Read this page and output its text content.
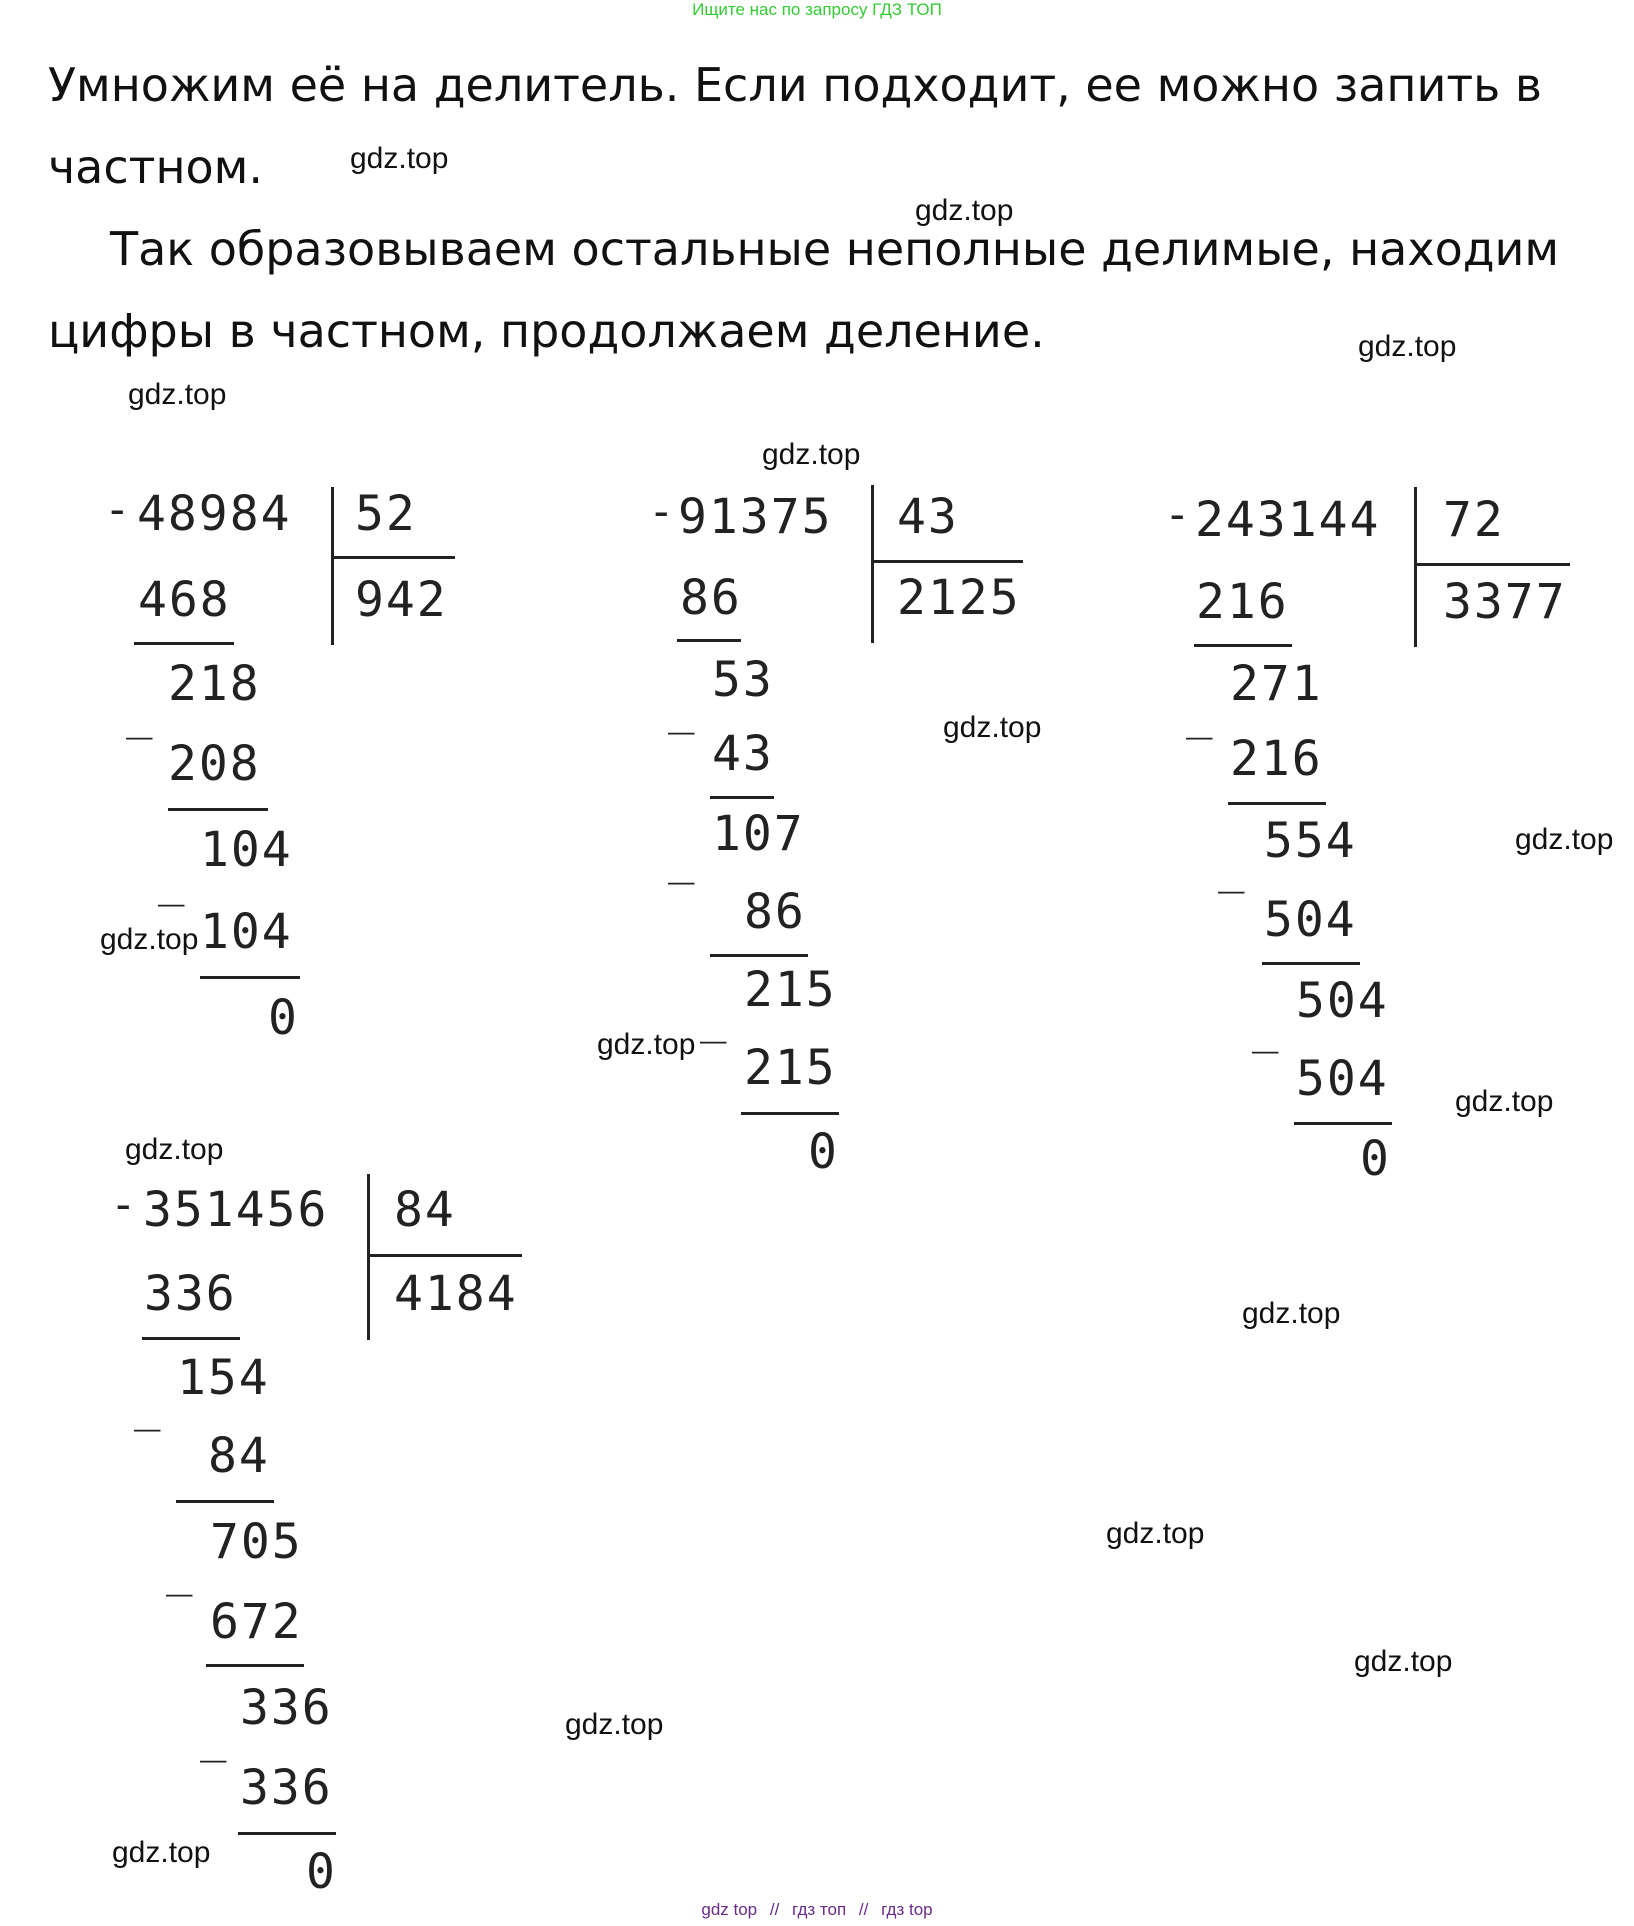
Ищите нас по запросу ГДЗ ТОП

Умножим её на делитель. Если подходит, ее можно запить в частном.

Так образовываем остальные неполные делимые, находим цифры в частном, продолжаем деление.

gdz.top
gdz.top
gdz.top
gdz.top
gdz.top
gdz.top
gdz.top
gdz.top
gdz.top
gdz.top
gdz.top
gdz.top
gdz.top
gdz.top
gdz.top
gdz.top
- 48984 52
942
468
_
218
208
_
104
104
0
- 91375 43
2125
86
_
53
43
_ 107
86
_
215
215
0
- 243144 72
3377
216
_
271
216
_ 554
504
_ 504
504
0
- 351456 84
4184
336
_
154
84
_
705
672
_
336
336
0
gdz top // гдз топ // гдз top
